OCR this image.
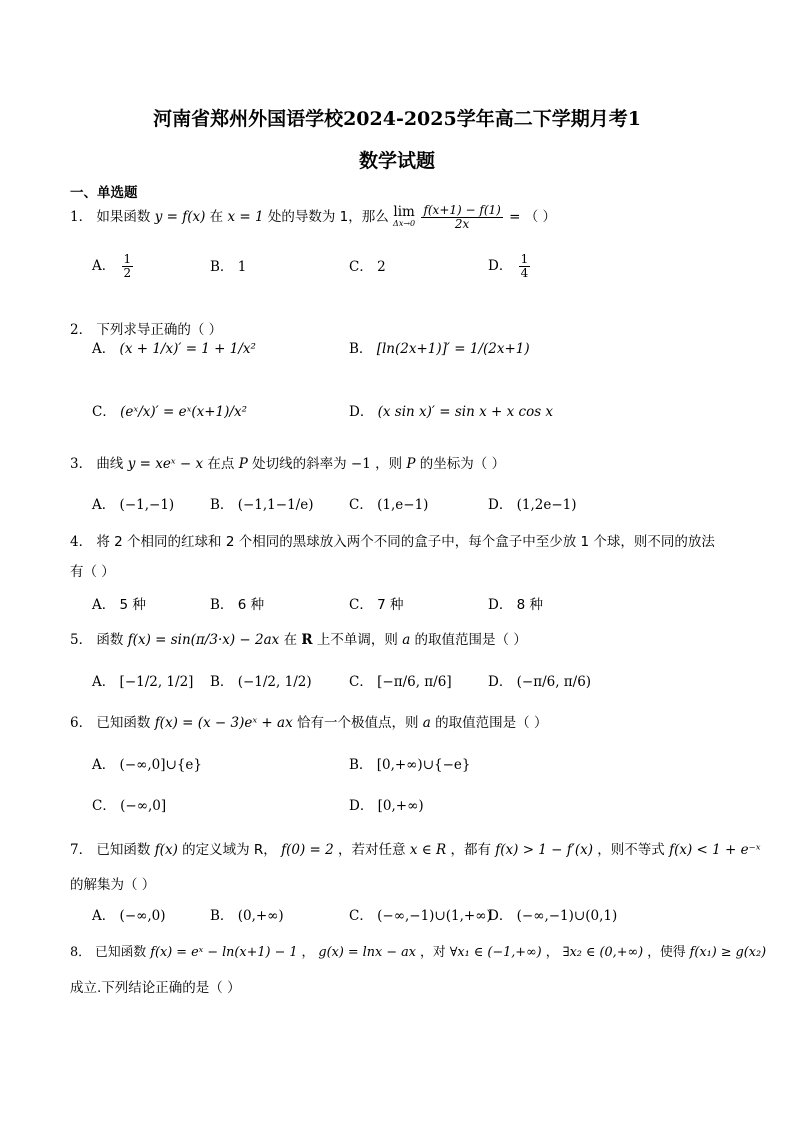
河南省郑州外国语学校2024-2025学年高二下学期月考1
数学试题
一、单选题
1． 如果函数 y = f(x) 在 x = 1 处的导数为 1，那么 lim
Δx→0
$\frac{f(x+1) - f(1)}{2x}$ = （ ）
A． $\frac{1}{2}$	B． 1	C． 2	D． $\frac{1}{4}$
2． 下列求导正确的（ ）
A． (x + 1/x)′ = 1 + 1/x²	B． [ln(2x+1)]′ = 1/(2x+1)
C． (eˣ/x)′ = eˣ(x+1)/x²	D． (x sin x)′ = sin x + x cos x
3． 曲线 y = xeˣ − x 在点 P 处切线的斜率为 −1 ，则 P 的坐标为（ ）
A． (−1,−1)	B． (−1,1−1/e)	C． (1,e−1)	D． (1,2e−1)
4． 将 2 个相同的红球和 2 个相同的黑球放入两个不同的盒子中，每个盒子中至少放 1 个球，则不同的放法
有（ ）
A． 5 种	B． 6 种	C． 7 种	D． 8 种
5． 函数 f(x) = sin(π/3·x) − 2ax 在 R 上不单调，则 a 的取值范围是（ ）
A． [−1/2, 1/2] B． (−1/2, 1/2)	C． [−π/6, π/6]	D． (−π/6, π/6)
6． 已知函数 f(x) = (x − 3)eˣ + ax 恰有一个极值点，则 a 的取值范围是（ ）
A． (−∞,0]∪{e}	B． [0,+∞)∪{−e}
C． (−∞,0]	D． [0,+∞)
7． 已知函数 f(x) 的定义域为 R， f(0) = 2 ，若对任意 x ∈ R ，都有 f(x) > 1 − f′(x) ，则不等式 f(x) < 1 + e⁻ˣ
的解集为（ ）
A． (−∞,0)	B． (0,+∞)	C． (−∞,−1)∪(1,+∞)
D． (−∞,−1)∪(0,1)
8． 已知函数 f(x) = eˣ − ln(x+1) − 1 ， g(x) = lnx − ax ，对 ∀x₁ ∈ (−1,+∞) ， ∃x₂ ∈ (0,+∞) ，使得 f(x₁) ≥ g(x₂)
成立.下列结论正确的是（ ）
